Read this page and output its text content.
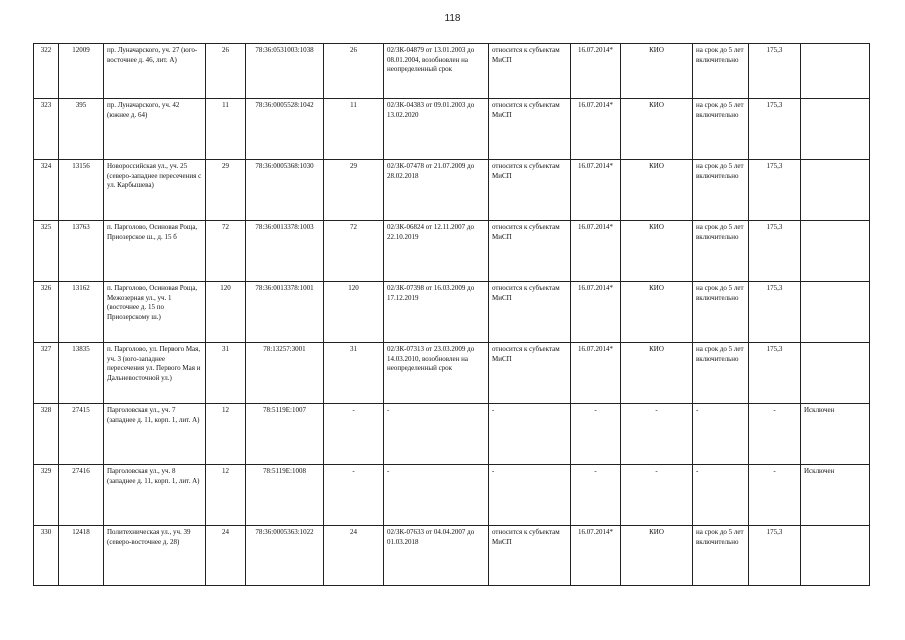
118
322	12009	пр. Луначарского, уч. 27 (юго-восточнее д. 46, лит. А)	26	78:36:0531003:1038	26	02/ЗК-04879 от 13.01.2003 до 08.01.2004, возобновлен на неопределенный срок	относится к субъектам МиСП	16.07.2014*	КИО	на срок до 5 лет включительно	175,3	
323	395	пр. Луначарского, уч. 42 (южнее д. 64)	11	78:36:0005528:1042	11	02/ЗК-04383 от 09.01.2003 до 13.02.2020	относится к субъектам МиСП	16.07.2014*	КИО	на срок до 5 лет включительно	175,3	
324	13156	Новороссийская ул., уч. 25 (северо-западнее пересечения с ул. Карбышева)	29	78:36:0005368:1030	29	02/ЗК-07478 от 21.07.2009 до 28.02.2018	относится к субъектам МиСП	16.07.2014*	КИО	на срок до 5 лет включительно	175,3	
325	13763	п. Парголово, Осиновая Роща, Приозерское ш., д. 15 б	72	78:36:0013378:1003	72	02/ЗК-06824 от 12.11.2007 до 22.10.2019	относится к субъектам МиСП	16.07.2014*	КИО	на срок до 5 лет включительно	175,3	
326	13162	п. Парголово, Осиновая Роща, Межозерная ул., уч. 1 (восточнее д. 15 по Приозерскому ш.)	120	78:36:0013378:1001	120	02/ЗК-07398 от 16.03.2009 до 17.12.2019	относится к субъектам МиСП	16.07.2014*	КИО	на срок до 5 лет включительно	175,3	
327	13835	п. Парголово, ул. Первого Мая, уч. 3 (юго-западнее пересечения ул. Первого Мая и Дальневосточной ул.)	31	78:13257:3001	31	02/ЗК-07313 от 23.03.2009 до 14.03.2010, возобновлен на неопределенный срок	относится к субъектам МиСП	16.07.2014*	КИО	на срок до 5 лет включительно	175,3	
328	27415	Парголовская ул., уч. 7 (западнее д. 11, корп. 1, лит. А)	12	78:5119Е:1007	-	-	-	-	-	-	-	Исключен
329	27416	Парголовская ул., уч. 8 (западнее д. 11, корп. 1, лит. А)	12	78:5119Е:1008	-	-	-	-	-	-	-	Исключен
330	12418	Политехническая ул., уч. 39 (северо-восточнее д. 28)	24	78:36:0005363:1022	24	02/ЗК-07633 от 04.04.2007 до 01.03.2018	относится к субъектам МиСП	16.07.2014*	КИО	на срок до 5 лет включительно	175,3	
